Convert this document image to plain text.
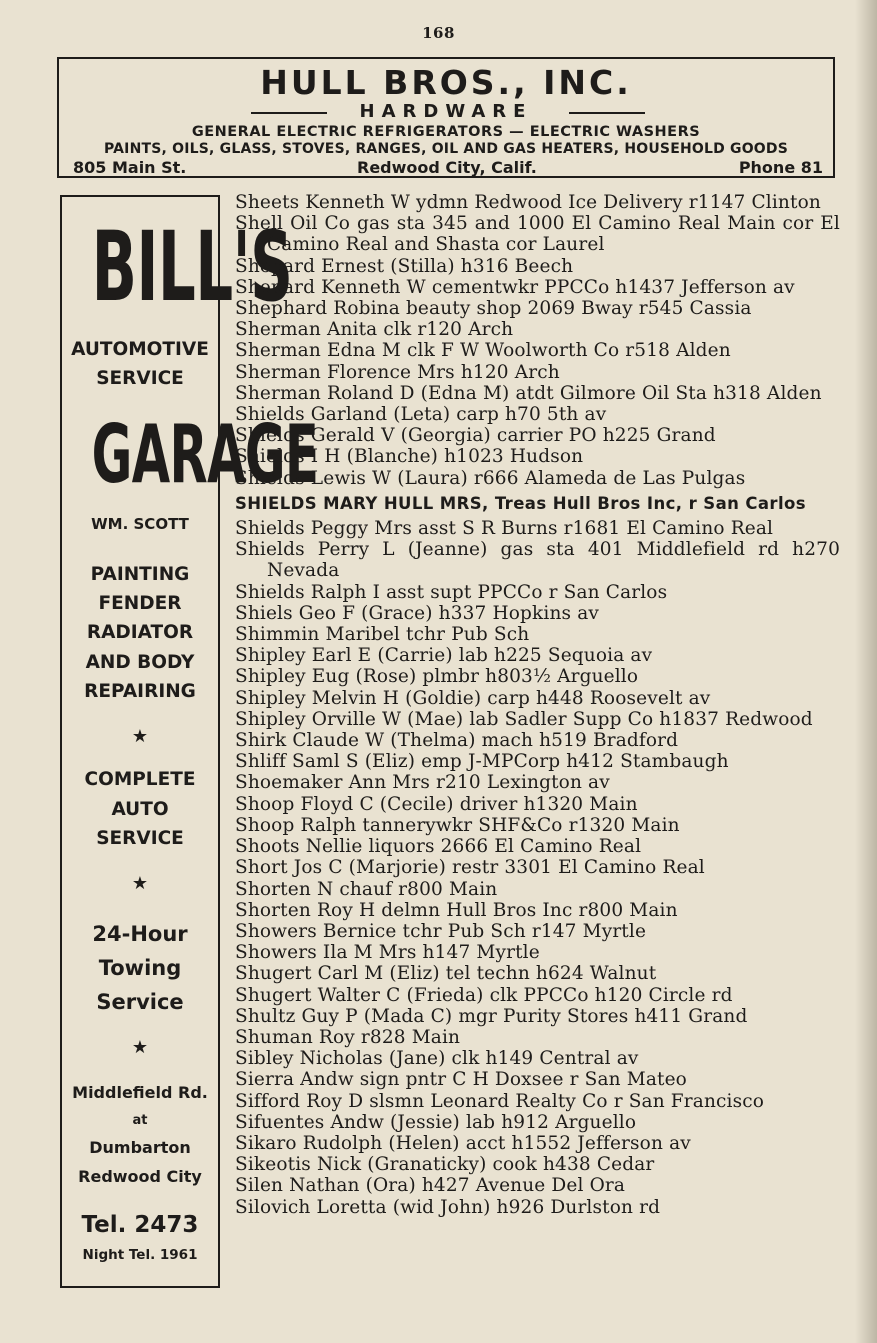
168
HULL BROS., INC.
HARDWARE
GENERAL ELECTRIC REFRIGERATORS — ELECTRIC WASHERS
PAINTS, OILS, GLASS, STOVES, RANGES, OIL AND GAS HEATERS, HOUSEHOLD GOODS
805 Main St.	Redwood City, Calif.	Phone 81
BILL'S
AUTOMOTIVE
SERVICE
GARAGE
WM. SCOTT
PAINTING
FENDER
RADIATOR
AND BODY
REPAIRING
★
COMPLETE
AUTO
SERVICE
★
24-Hour
Towing
Service
★
Middlefield Rd.
at
Dumbarton
Redwood City
Tel. 2473
Night Tel. 1961
Sheets Kenneth W ydmn Redwood Ice Delivery r1147 Clinton
Shell Oil Co gas sta 345 and 1000 El Camino Real Main cor El Camino Real and Shasta cor Laurel
Shepard Ernest (Stilla) h316 Beech
Shepard Kenneth W cementwkr PPCCo h1437 Jefferson av
Shephard Robina beauty shop 2069 Bway r545 Cassia
Sherman Anita clk r120 Arch
Sherman Edna M clk F W Woolworth Co r518 Alden
Sherman Florence Mrs h120 Arch
Sherman Roland D (Edna M) atdt Gilmore Oil Sta h318 Alden
Shields Garland (Leta) carp h70 5th av
Shields Gerald V (Georgia) carrier PO h225 Grand
Shields I H (Blanche) h1023 Hudson
Shields Lewis W (Laura) r666 Alameda de Las Pulgas
SHIELDS MARY HULL MRS, Treas Hull Bros Inc, r San Carlos
Shields Peggy Mrs asst S R Burns r1681 El Camino Real
Shields Perry L (Jeanne) gas sta 401 Middlefield rd h270 Nevada
Shields Ralph I asst supt PPCCo r San Carlos
Shiels Geo F (Grace) h337 Hopkins av
Shimmin Maribel tchr Pub Sch
Shipley Earl E (Carrie) lab h225 Sequoia av
Shipley Eug (Rose) plmbr h803½ Arguello
Shipley Melvin H (Goldie) carp h448 Roosevelt av
Shipley Orville W (Mae) lab Sadler Supp Co h1837 Redwood
Shirk Claude W (Thelma) mach h519 Bradford
Shliff Saml S (Eliz) emp J-MPCorp h412 Stambaugh
Shoemaker Ann Mrs r210 Lexington av
Shoop Floyd C (Cecile) driver h1320 Main
Shoop Ralph tannerywkr SHF&Co r1320 Main
Shoots Nellie liquors 2666 El Camino Real
Short Jos C (Marjorie) restr 3301 El Camino Real
Shorten N chauf r800 Main
Shorten Roy H delmn Hull Bros Inc r800 Main
Showers Bernice tchr Pub Sch r147 Myrtle
Showers Ila M Mrs h147 Myrtle
Shugert Carl M (Eliz) tel techn h624 Walnut
Shugert Walter C (Frieda) clk PPCCo h120 Circle rd
Shultz Guy P (Mada C) mgr Purity Stores h411 Grand
Shuman Roy r828 Main
Sibley Nicholas (Jane) clk h149 Central av
Sierra Andw sign pntr C H Doxsee r San Mateo
Sifford Roy D slsmn Leonard Realty Co r San Francisco
Sifuentes Andw (Jessie) lab h912 Arguello
Sikaro Rudolph (Helen) acct h1552 Jefferson av
Sikeotis Nick (Granaticky) cook h438 Cedar
Silen Nathan (Ora) h427 Avenue Del Ora
Silovich Loretta (wid John) h926 Durlston rd
